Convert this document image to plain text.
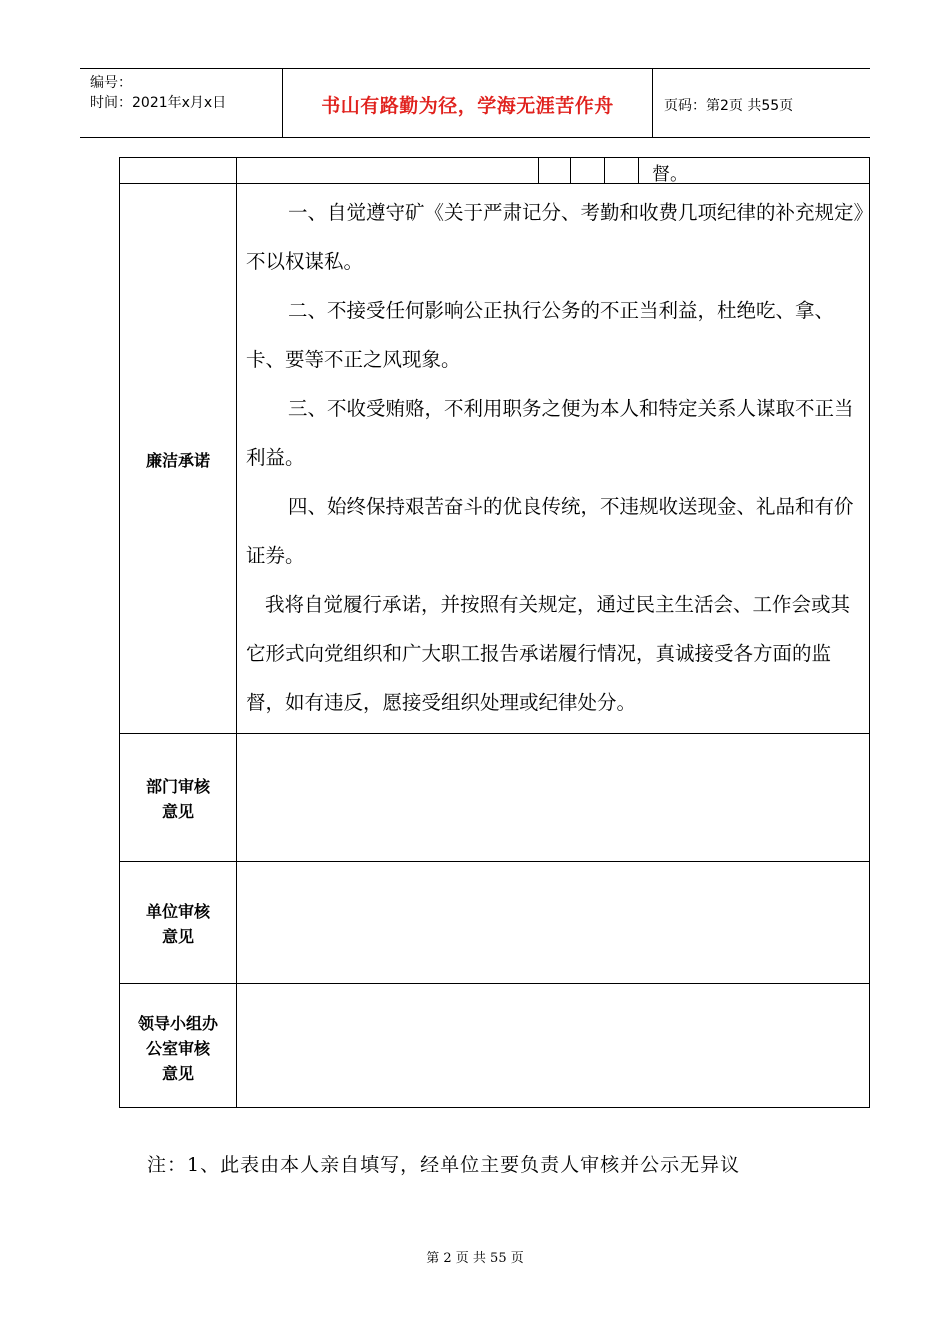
编号：
时间：2021年x月x日	书山有路勤为径，学海无涯苦作舟	页码：第2页 共55页
督。
廉洁承诺

一、自觉遵守矿《关于严肃记分、考勤和收费几项纪律的补充规定》不以权谋私。

二、不接受任何影响公正执行公务的不正当利益，杜绝吃、拿、卡、要等不正之风现象。

三、不收受贿赂，不利用职务之便为本人和特定关系人谋取不正当利益。

四、始终保持艰苦奋斗的优良传统，不违规收送现金、礼品和有价证券。

我将自觉履行承诺，并按照有关规定，通过民主生活会、工作会或其它形式向党组织和广大职工报告承诺履行情况，真诚接受各方面的监督，如有违反，愿接受组织处理或纪律处分。

部门审核
意见
单位审核
意见
领导小组办
公室审核
意见
注：1、此表由本人亲自填写，经单位主要负责人审核并公示无异议
第 2 页 共 55 页
